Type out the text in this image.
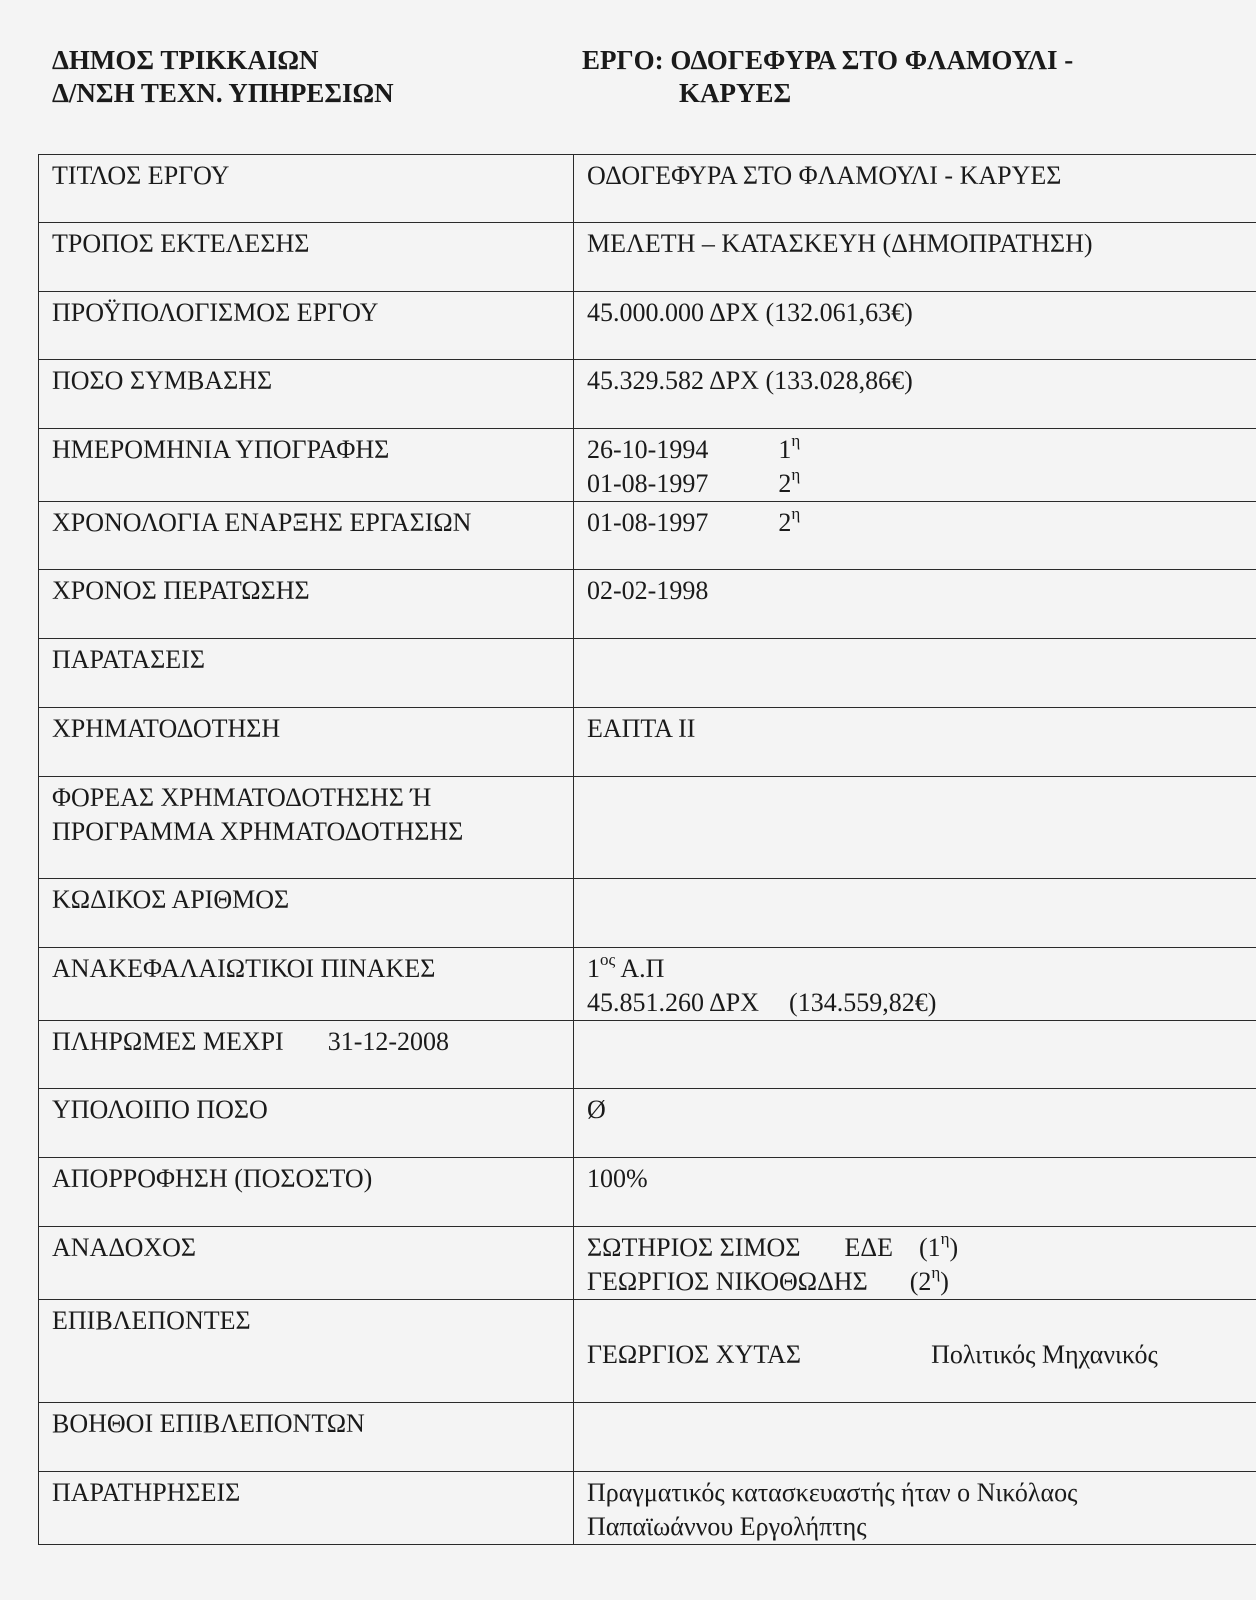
ΔΗΜΟΣ ΤΡΙΚΚΑΙΩΝ
Δ/ΝΣΗ ΤΕΧΝ. ΥΠΗΡΕΣΙΩΝ
ΕΡΓΟ: ΟΔΟΓΕΦΥΡΑ ΣΤΟ ΦΛΑΜΟΥΛΙ -
ΚΑΡΥΕΣ
ΤΙΤΛΟΣ ΕΡΓΟΥ	ΟΔΟΓΕΦΥΡΑ ΣΤΟ ΦΛΑΜΟΥΛΙ - ΚΑΡΥΕΣ
ΤΡΟΠΟΣ ΕΚΤΕΛΕΣΗΣ	ΜΕΛΕΤΗ – ΚΑΤΑΣΚΕΥΗ (ΔΗΜΟΠΡΑΤΗΣΗ)
ΠΡΟΫΠΟΛΟΓΙΣΜΟΣ ΕΡΓΟΥ	45.000.000 ΔΡΧ (132.061,63€)
ΠΟΣΟ ΣΥΜΒΑΣΗΣ	45.329.582 ΔΡΧ (133.028,86€)
ΗΜΕΡΟΜΗΝΙΑ ΥΠΟΓΡΑΦΗΣ	26-10-1994 $1^\eta$
01-08-1997 $2^\eta$

ΧΡΟΝΟΛΟΓΙΑ ΕΝΑΡΞΗΣ ΕΡΓΑΣΙΩΝ	01-08-1997 $2^\eta$
ΧΡΟΝΟΣ ΠΕΡΑΤΩΣΗΣ	02-02-1998
ΠΑΡΑΤΑΣΕΙΣ	
ΧΡΗΜΑΤΟΔΟΤΗΣΗ	ΕΑΠΤΑ ΙΙ

ΦΟΡΕΑΣ ΧΡΗΜΑΤΟΔΟΤΗΣΗΣ Ή
ΠΡΟΓΡΑΜΜΑ ΧΡΗΜΑΤΟΔΟΤΗΣΗΣ	

ΚΩΔΙΚΟΣ ΑΡΙΘΜΟΣ	
ΑΝΑΚΕΦΑΛΑΙΩΤΙΚΟΙ ΠΙΝΑΚΕΣ	$1^{o\varsigma}$ Α.Π
45.851.260 ΔΡΧ (134.559,82€)

ΠΛΗΡΩΜΕΣ ΜΕΧΡΙ 31-12-2008	
ΥΠΟΛΟΙΠΟ ΠΟΣΟ	Ø
ΑΠΟΡΡΟΦΗΣΗ (ΠΟΣΟΣΤΟ)	100%
ΑΝΑΔΟΧΟΣ	ΣΩΤΗΡΙΟΣ ΣΙΜΟΣ ΕΔΕ $(1^\eta)$
ΓΕΩΡΓΙΟΣ ΝΙΚΟΘΩΔΗΣ $(2^\eta)$

ΕΠΙΒΛΕΠΟΝΤΕΣ	ΓΕΩΡΓΙΟΣ ΧΥΤΑΣ Πολιτικός Μηχανικός

ΒΟΗΘΟΙ ΕΠΙΒΛΕΠΟΝΤΩΝ	
ΠΑΡΑΤΗΡΗΣΕΙΣ	Πραγματικός κατασκευαστής ήταν ο Νικόλαος
Παπαϊωάννου Εργολήπτης
